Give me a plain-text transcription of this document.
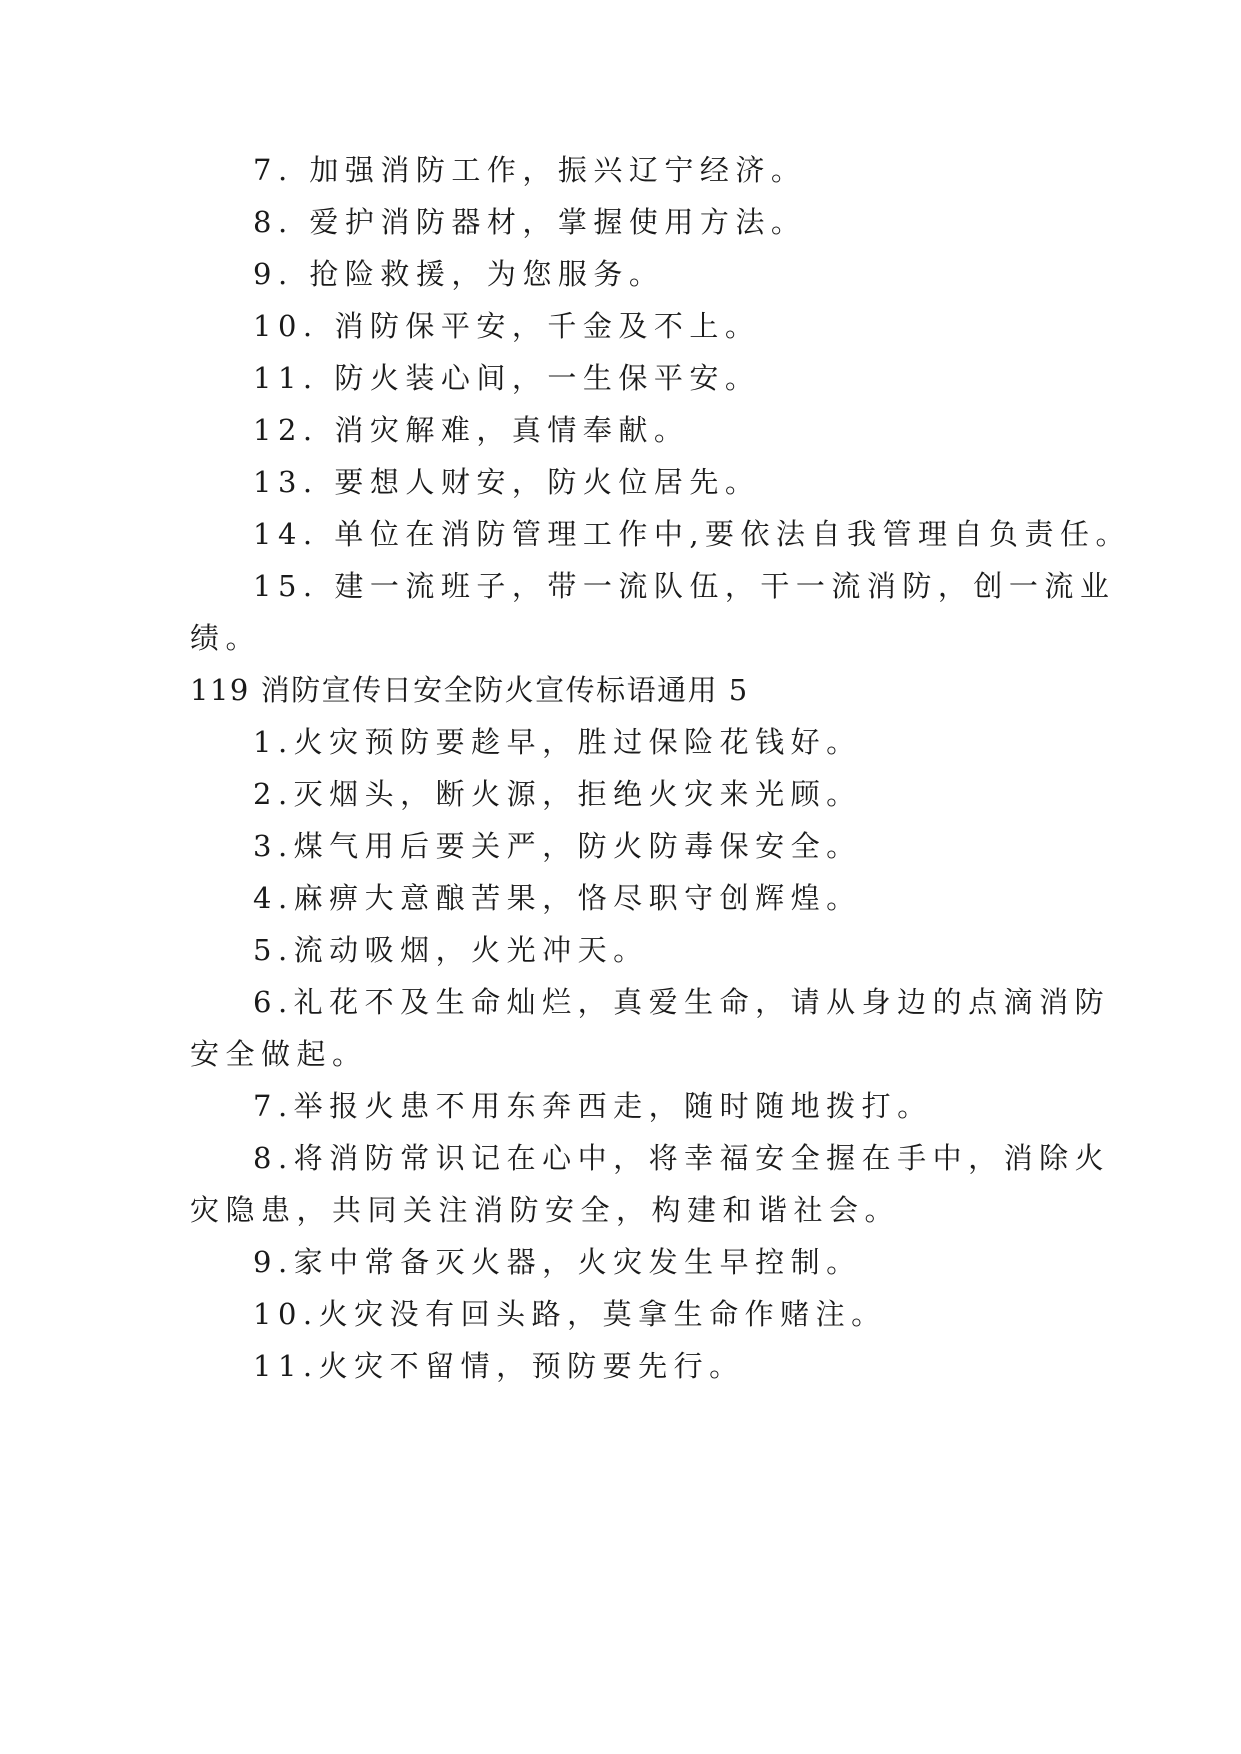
7. 加强消防工作，振兴辽宁经济。
8. 爱护消防器材，掌握使用方法。
9. 抢险救援，为您服务。
10. 消防保平安，千金及不上。
11. 防火装心间，一生保平安。
12. 消灾解难，真情奉献。
13. 要想人财安，防火位居先。
14. 单位在消防管理工作中,要依法自我管理自负责任。
15. 建一流班子，带一流队伍，干一流消防，创一流业
绩。
119 消防宣传日安全防火宣传标语通用 5
1.火灾预防要趁早，胜过保险花钱好。
2.灭烟头，断火源，拒绝火灾来光顾。
3.煤气用后要关严，防火防毒保安全。
4.麻痹大意酿苦果，恪尽职守创辉煌。
5.流动吸烟，火光冲天。
6.礼花不及生命灿烂，真爱生命，请从身边的点滴消防
安全做起。
7.举报火患不用东奔西走，随时随地拨打。
8.将消防常识记在心中，将幸福安全握在手中，消除火
灾隐患，共同关注消防安全，构建和谐社会。
9.家中常备灭火器，火灾发生早控制。
10.火灾没有回头路，莫拿生命作赌注。
11.火灾不留情，预防要先行。
